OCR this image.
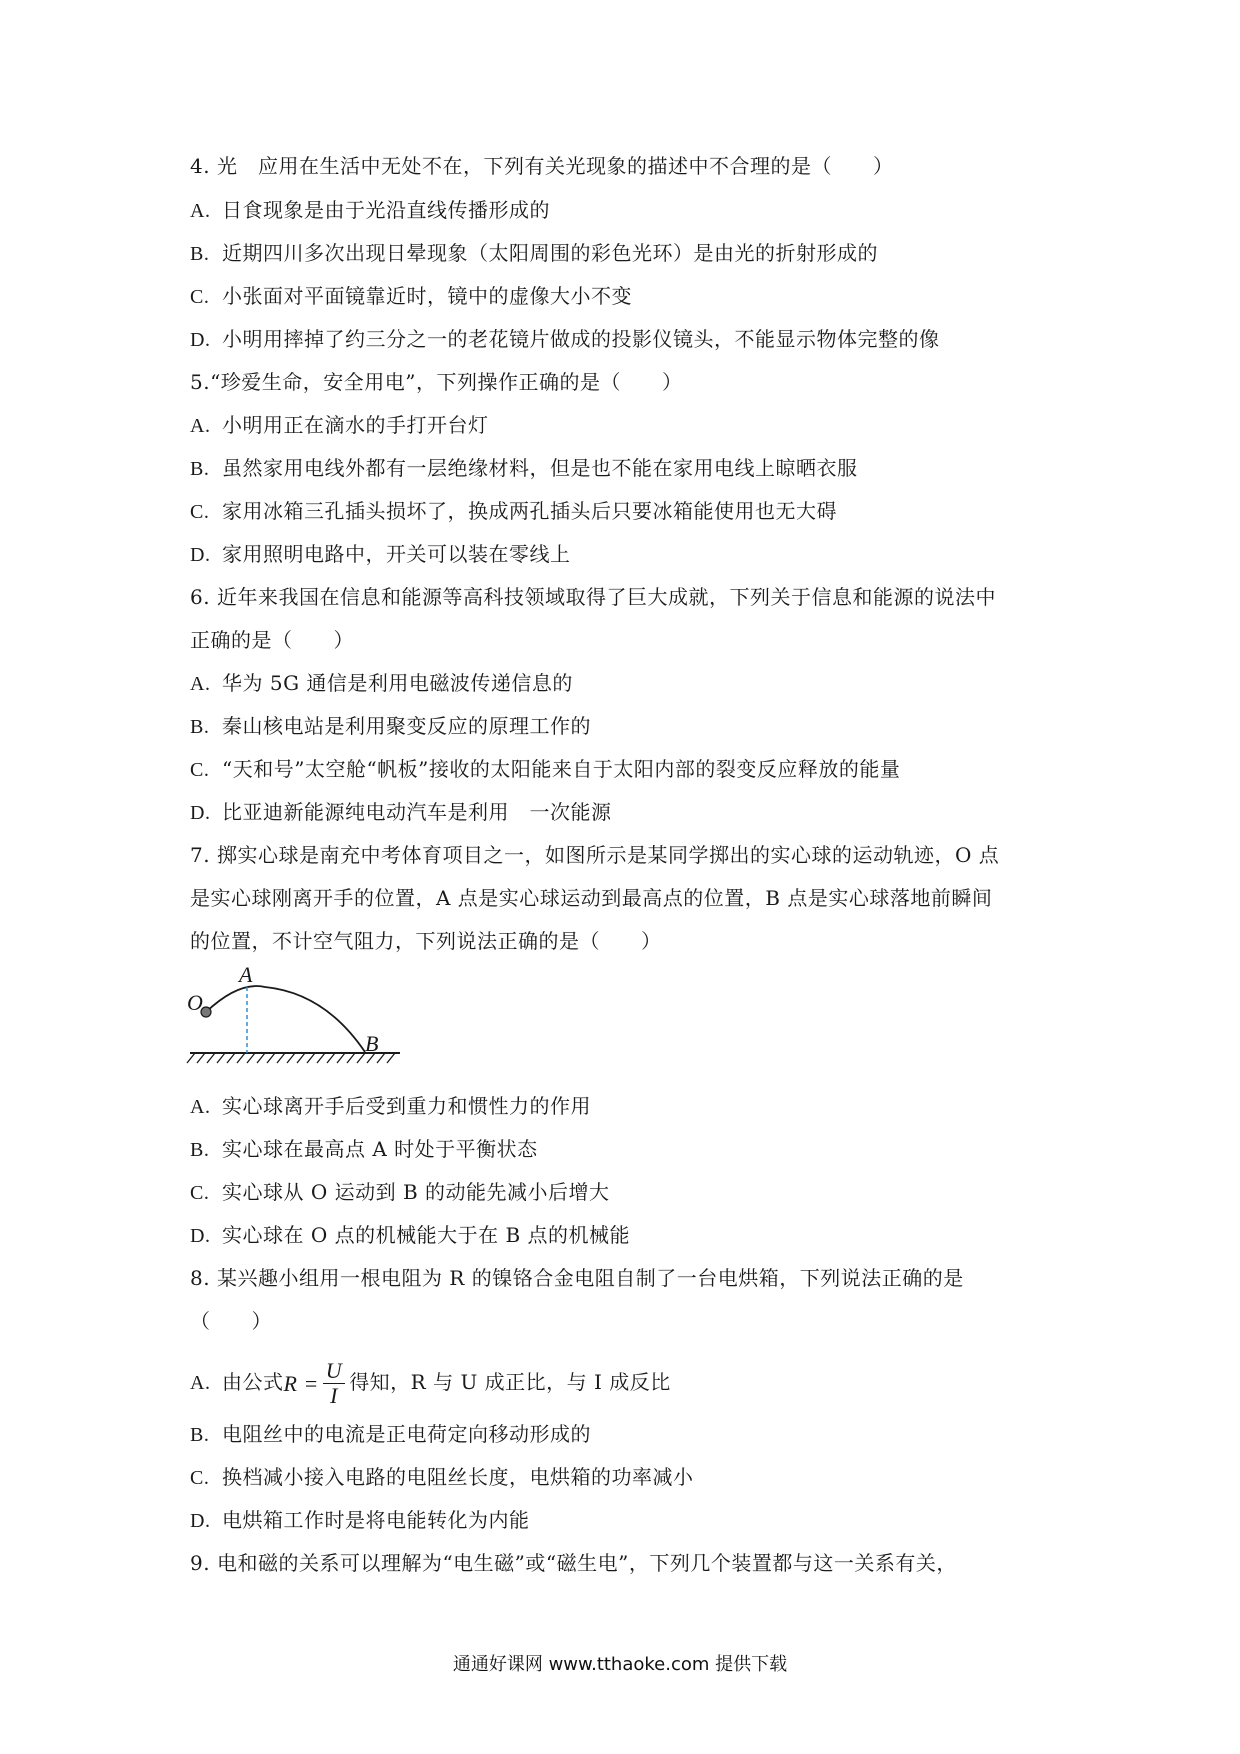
4. 光　应用在生活中无处不在，下列有关光现象的描述中不合理的是（　　）
A. 日食现象是由于光沿直线传播形成的
B. 近期四川多次出现日晕现象（太阳周围的彩色光环）是由光的折射形成的
C. 小张面对平面镜靠近时，镜中的虚像大小不变
D. 小明用摔掉了约三分之一的老花镜片做成的投影仪镜头，不能显示物体完整的像
5.“珍爱生命，安全用电”，下列操作正确的是（　　）
A. 小明用正在滴水的手打开台灯
B. 虽然家用电线外都有一层绝缘材料，但是也不能在家用电线上晾晒衣服
C. 家用冰箱三孔插头损坏了，换成两孔插头后只要冰箱能使用也无大碍
D. 家用照明电路中，开关可以装在零线上
6. 近年来我国在信息和能源等高科技领域取得了巨大成就，下列关于信息和能源的说法中
正确的是（　　）
A. 华为 5G 通信是利用电磁波传递信息的
B. 秦山核电站是利用聚变反应的原理工作的
C. “天和号”太空舱“帆板”接收的太阳能来自于太阳内部的裂变反应释放的能量
D. 比亚迪新能源纯电动汽车是利用　一次能源
7. 掷实心球是南充中考体育项目之一，如图所示是某同学掷出的实心球的运动轨迹，O 点
是实心球刚离开手的位置，A 点是实心球运动到最高点的位置，B 点是实心球落地前瞬间
的位置，不计空气阻力，下列说法正确的是（　　）
O
A
B
A. 实心球离开手后受到重力和惯性力的作用
B. 实心球在最高点 A 时处于平衡状态
C. 实心球从 O 运动到 B 的动能先减小后增大
D. 实心球在 O 点的机械能大于在 B 点的机械能
8. 某兴趣小组用一根电阻为 R 的镍铬合金电阻自制了一台电烘箱，下列说法正确的是
（　　）
A. 由公式 $R = \frac{U}{I}$ 得知，R 与 U 成正比，与 I 成反比
B. 电阻丝中的电流是正电荷定向移动形成的
C. 换档减小接入电路的电阻丝长度，电烘箱的功率减小
D. 电烘箱工作时是将电能转化为内能
9. 电和磁的关系可以理解为“电生磁”或“磁生电”，下列几个装置都与这一关系有关，
通通好课网 www.tthaoke.com 提供下载
